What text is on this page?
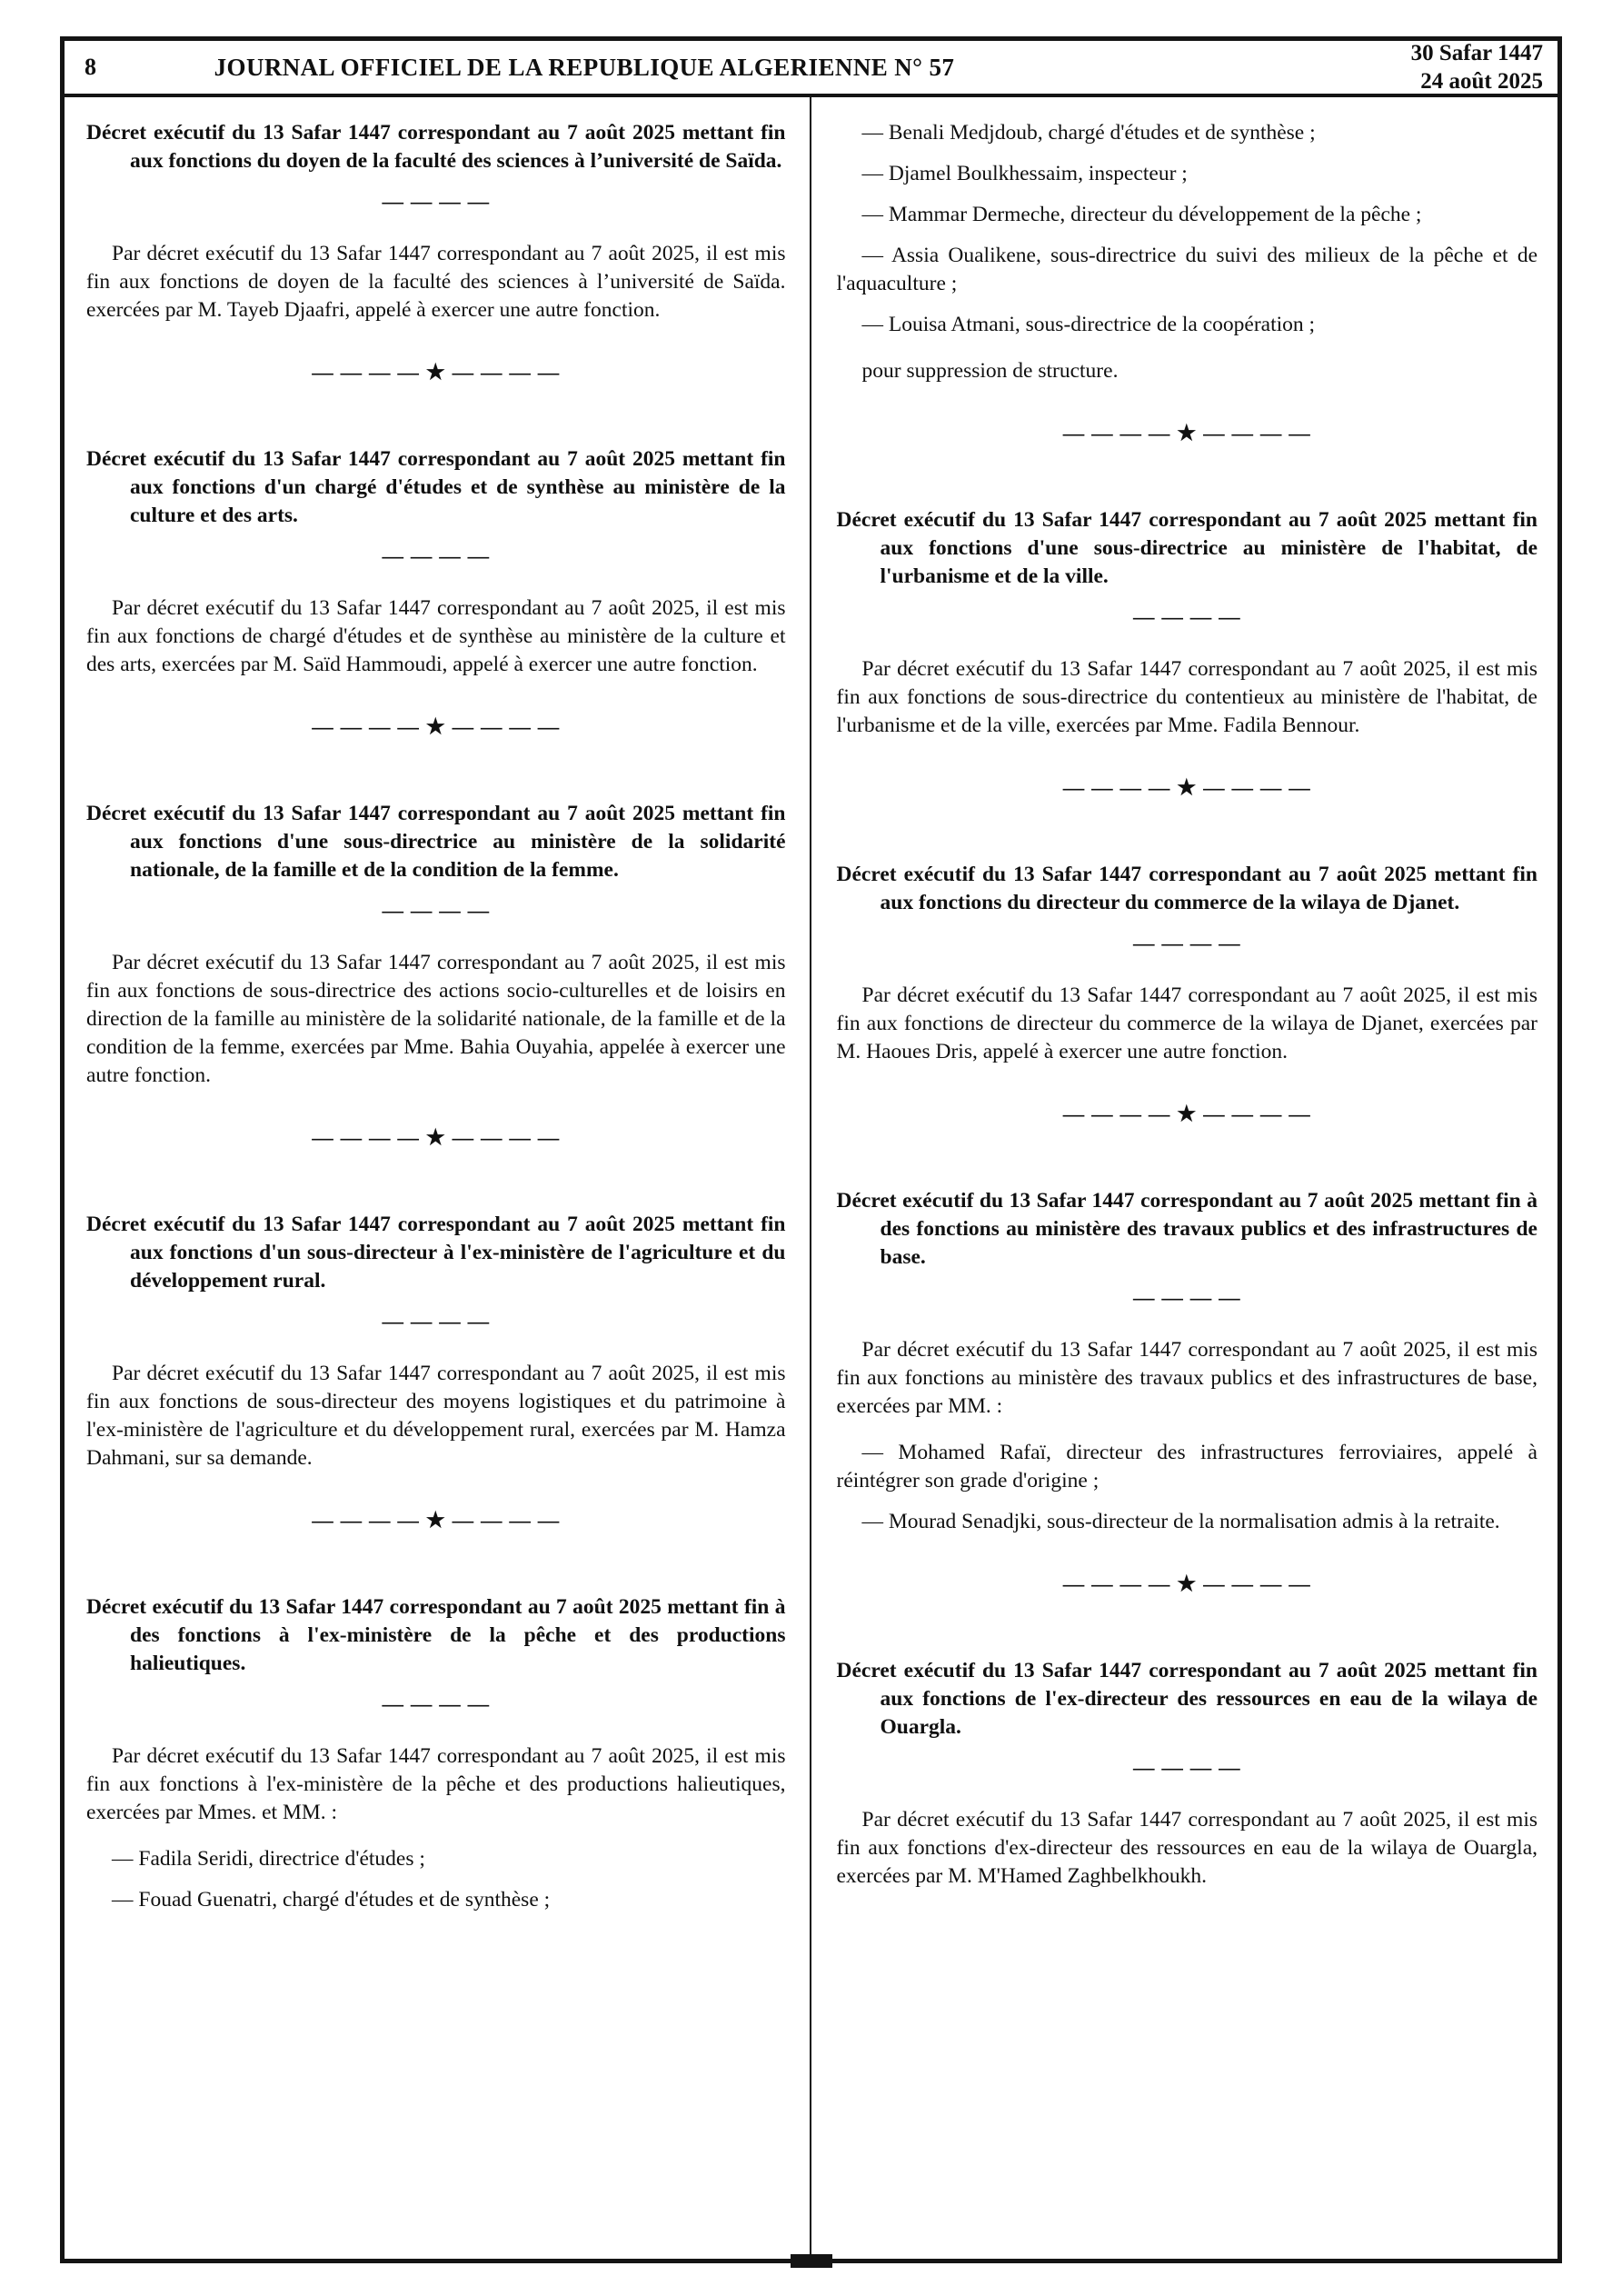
8	JOURNAL OFFICIEL DE LA REPUBLIQUE ALGERIENNE N° 57	30 Safar 1447
24 août 2025

Décret exécutif du 13 Safar 1447 correspondant au 7 août 2025 mettant fin aux fonctions du doyen de la faculté des sciences à l’université de Saïda.

— — — —

Par décret exécutif du 13 Safar 1447 correspondant au 7 août 2025, il est mis fin aux fonctions de doyen de la faculté des sciences à l’université de Saïda. exercées par M. Tayeb Djaafri, appelé à exercer une autre fonction.

— — — — ★ — — — —

Décret exécutif du 13 Safar 1447 correspondant au 7 août 2025 mettant fin aux fonctions d'un chargé d'études et de synthèse au ministère de la culture et des arts.

— — — —

Par décret exécutif du 13 Safar 1447 correspondant au 7 août 2025, il est mis fin aux fonctions de chargé d'études et de synthèse au ministère de la culture et des arts, exercées par M. Saïd Hammoudi, appelé à exercer une autre fonction.

— — — — ★ — — — —

Décret exécutif du 13 Safar 1447 correspondant au 7 août 2025 mettant fin aux fonctions d'une sous-directrice au ministère de la solidarité nationale, de la famille et de la condition de la femme.

— — — —

Par décret exécutif du 13 Safar 1447 correspondant au 7 août 2025, il est mis fin aux fonctions de sous-directrice des actions socio-culturelles et de loisirs en direction de la famille au ministère de la solidarité nationale, de la famille et de la condition de la femme, exercées par Mme. Bahia Ouyahia, appelée à exercer une autre fonction.

— — — — ★ — — — —

Décret exécutif du 13 Safar 1447 correspondant au 7 août 2025 mettant fin aux fonctions d'un sous-directeur à l'ex-ministère de l'agriculture et du développement rural.

— — — —

Par décret exécutif du 13 Safar 1447 correspondant au 7 août 2025, il est mis fin aux fonctions de sous-directeur des moyens logistiques et du patrimoine à l'ex-ministère de l'agriculture et du développement rural, exercées par M. Hamza Dahmani, sur sa demande.

— — — — ★ — — — —

Décret exécutif du 13 Safar 1447 correspondant au 7 août 2025 mettant fin à des fonctions à l'ex-ministère de la pêche et des productions halieutiques.

— — — —

Par décret exécutif du 13 Safar 1447 correspondant au 7 août 2025, il est mis fin aux fonctions à l'ex-ministère de la pêche et des productions halieutiques, exercées par Mmes. et MM. :

— Fadila Seridi, directrice d'études ;

— Fouad Guenatri, chargé d'études et de synthèse ;

— Benali Medjdoub, chargé d'études et de synthèse ;

— Djamel Boulkhessaim, inspecteur ;

— Mammar Dermeche, directeur du développement de la pêche ;

— Assia Oualikene, sous-directrice du suivi des milieux de la pêche et de l'aquaculture ;

— Louisa Atmani, sous-directrice de la coopération ;

pour suppression de structure.

— — — — ★ — — — —

Décret exécutif du 13 Safar 1447 correspondant au 7 août 2025 mettant fin aux fonctions d'une sous-directrice au ministère de l'habitat, de l'urbanisme et de la ville.

— — — —

Par décret exécutif du 13 Safar 1447 correspondant au 7 août 2025, il est mis fin aux fonctions de sous-directrice du contentieux au ministère de l'habitat, de l'urbanisme et de la ville, exercées par Mme. Fadila Bennour.

— — — — ★ — — — —

Décret exécutif du 13 Safar 1447 correspondant au 7 août 2025 mettant fin aux fonctions du directeur du commerce de la wilaya de Djanet.

— — — —

Par décret exécutif du 13 Safar 1447 correspondant au 7 août 2025, il est mis fin aux fonctions de directeur du commerce de la wilaya de Djanet, exercées par M. Haoues Dris, appelé à exercer une autre fonction.

— — — — ★ — — — —

Décret exécutif du 13 Safar 1447 correspondant au 7 août 2025 mettant fin à des fonctions au ministère des travaux publics et des infrastructures de base.

— — — —

Par décret exécutif du 13 Safar 1447 correspondant au 7 août 2025, il est mis fin aux fonctions au ministère des travaux publics et des infrastructures de base, exercées par MM. :

— Mohamed Rafaï, directeur des infrastructures ferroviaires, appelé à réintégrer son grade d'origine ;

— Mourad Senadjki, sous-directeur de la normalisation admis à la retraite.

— — — — ★ — — — —

Décret exécutif du 13 Safar 1447 correspondant au 7 août 2025 mettant fin aux fonctions de l'ex-directeur des ressources en eau de la wilaya de Ouargla.

— — — —

Par décret exécutif du 13 Safar 1447 correspondant au 7 août 2025, il est mis fin aux fonctions d'ex-directeur des ressources en eau de la wilaya de Ouargla, exercées par M. M'Hamed Zaghbelkhoukh.
